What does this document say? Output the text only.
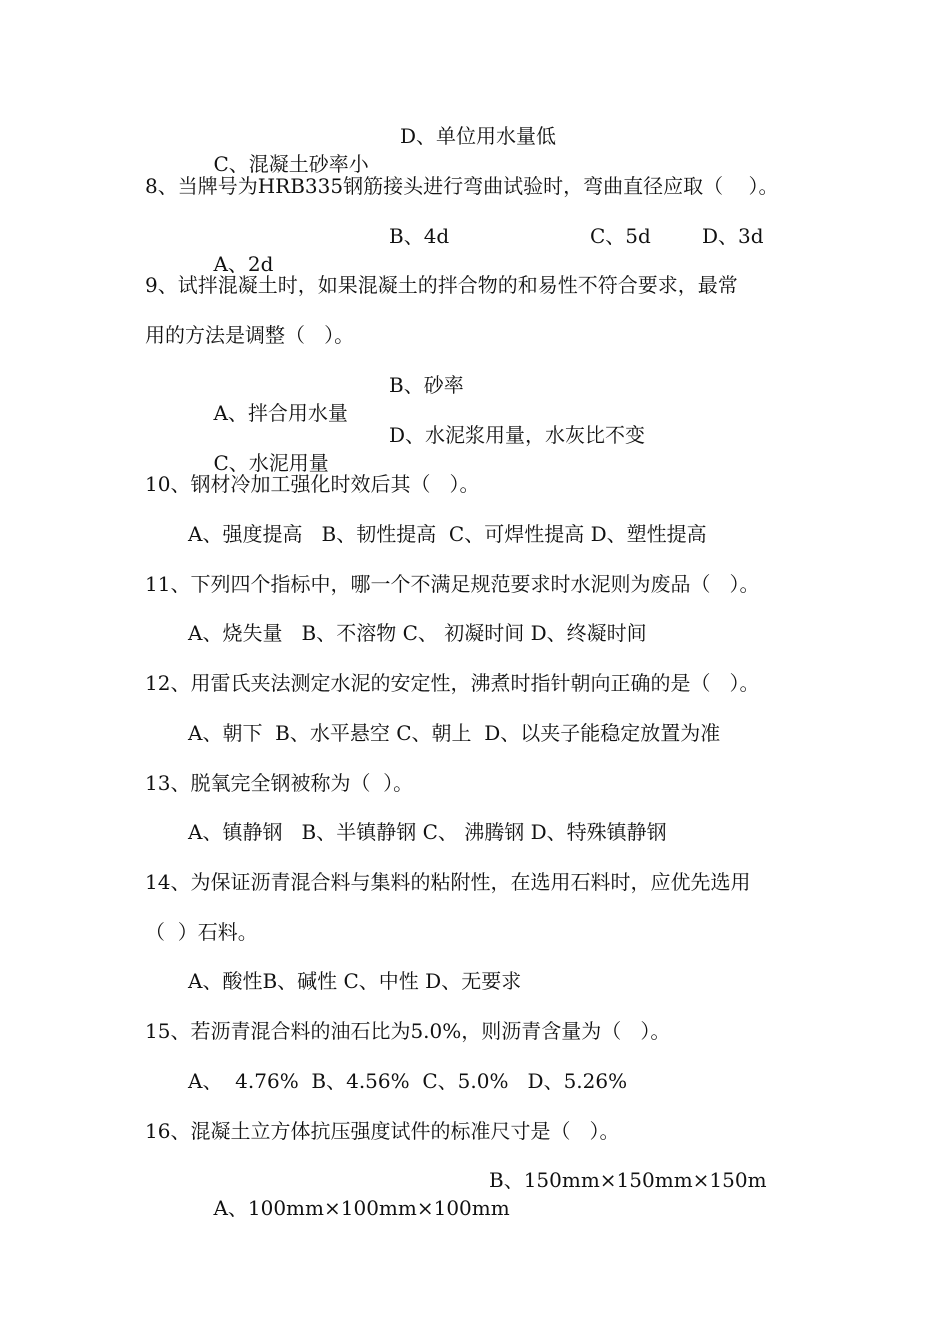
C、混凝土砂率小

D、单位用水量低

8、当牌号为HRB335钢筋接头进行弯曲试验时，弯曲直径应取（    ）。

A、2d

B、4d

	C、5d

	D、3d

9、试拌混凝土时，如果混凝土的拌合物的和易性不符合要求，最常
用的方法是调整（   ）。

A、拌合用水量

B、砂率

C、水泥用量

D、水泥浆用量，水灰比不变

10、钢材冷加工强化时效后其（   ）。
A、强度提高   B、韧性提高  C、可焊性提高 D、塑性提高
11、下列四个指标中，哪一个不满足规范要求时水泥则为废品（   ）。
A、烧失量   B、不溶物 C、 初凝时间 D、终凝时间
12、用雷氏夹法测定水泥的安定性，沸煮时指针朝向正确的是（   ）。
A、朝下  B、水平悬空 C、朝上  D、以夹子能稳定放置为准
13、脱氧完全钢被称为（  ）。
A、镇静钢   B、半镇静钢 C、 沸腾钢 D、特殊镇静钢
14、为保证沥青混合料与集料的粘附性，在选用石料时，应优先选用
（  ）石料。
A、酸性B、碱性 C、中性 D、无要求
15、若沥青混合料的油石比为5.0%，则沥青含量为（   ）。
A、  4.76%  B、4.56%  C、5.0%   D、5.26%
16、混凝土立方体抗压强度试件的标准尺寸是（   ）。

A、100mm×100mm×100mm

B、150mm×150mm×150m
